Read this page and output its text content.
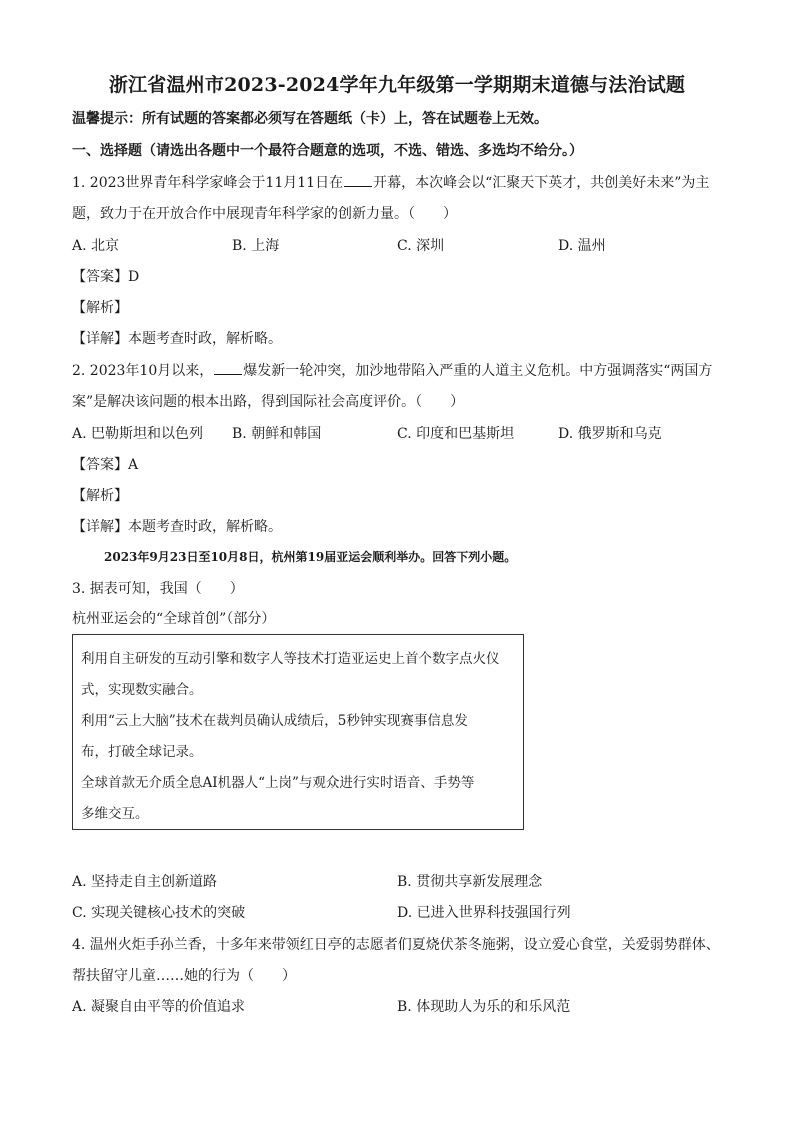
浙江省温州市2023-2024学年九年级第一学期期末道德与法治试题
温馨提示：所有试题的答案都必须写在答题纸（卡）上，答在试题卷上无效。
一、选择题（请选出各题中一个最符合题意的选项，不选、错选、多选均不给分。）
1. 2023世界青年科学家峰会于11月11日在 开幕，本次峰会以“汇聚天下英才，共创美好未来”为主
题，致力于在开放合作中展现青年科学家的创新力量。（　　）
A. 北京	B. 上海	C. 深圳	D. 温州
【答案】D
【解析】
【详解】本题考查时政，解析略。
2. 2023年10月以来， 爆发新一轮冲突，加沙地带陷入严重的人道主义危机。中方强调落实“两国方
案”是解决该问题的根本出路，得到国际社会高度评价。（　　）
A. 巴勒斯坦和以色列 B. 朝鲜和韩国	C. 印度和巴基斯坦	D. 俄罗斯和乌克
【答案】A
【解析】
【详解】本题考查时政，解析略。
2023年9月23日至10月8日，杭州第19届亚运会顺利举办。回答下列小题。
3. 据表可知，我国（　　）
杭州亚运会的“全球首创”（部分）
利用自主研发的互动引擎和数字人等技术打造亚运史上首个数字点火仪
式，实现数实融合。
利用“云上大脑”技术在裁判员确认成绩后，5秒钟实现赛事信息发
布，打破全球记录。
全球首款无介质全息AI机器人“上岗”与观众进行实时语音、手势等
多维交互。
A. 坚持走自主创新道路	B. 贯彻共享新发展理念
C. 实现关键核心技术的突破	D. 已进入世界科技强国行列
4. 温州火炬手孙兰香，十多年来带领红日亭的志愿者们夏烧伏茶冬施粥，设立爱心食堂，关爱弱势群体、
帮扶留守儿童……她的行为（　　）
A. 凝聚自由平等的价值追求	B. 体现助人为乐的和乐风范
